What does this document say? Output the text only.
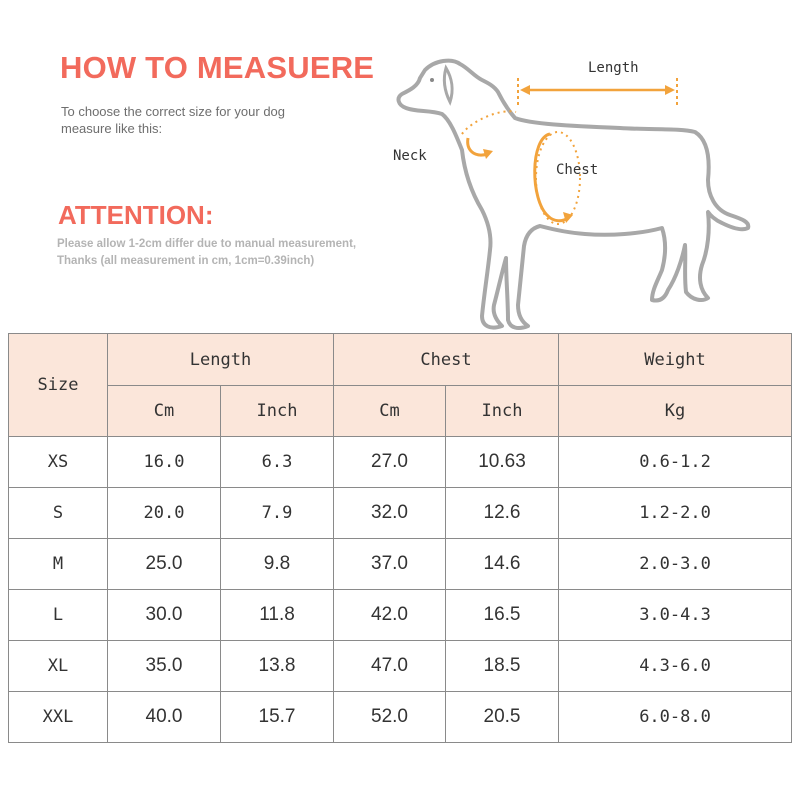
HOW TO MEASUERE
To choose the correct size for your dog
measure like this:
ATTENTION:
Please allow 1-2cm differ due to manual measurement,
Thanks (all measurement in cm, 1cm=0.39inch)
Length
Neck
Chest
Size	Length		Chest		Weight
	Cm	Inch	Cm	Inch	Kg
XS	16.0	6.3	27.0	10.63	0.6-1.2
S	20.0	7.9	32.0	12.6	1.2-2.0
M	25.0	9.8	37.0	14.6	2.0-3.0
L	30.0	11.8	42.0	16.5	3.0-4.3
XL	35.0	13.8	47.0	18.5	4.3-6.0
XXL	40.0	15.7	52.0	20.5	6.0-8.0
